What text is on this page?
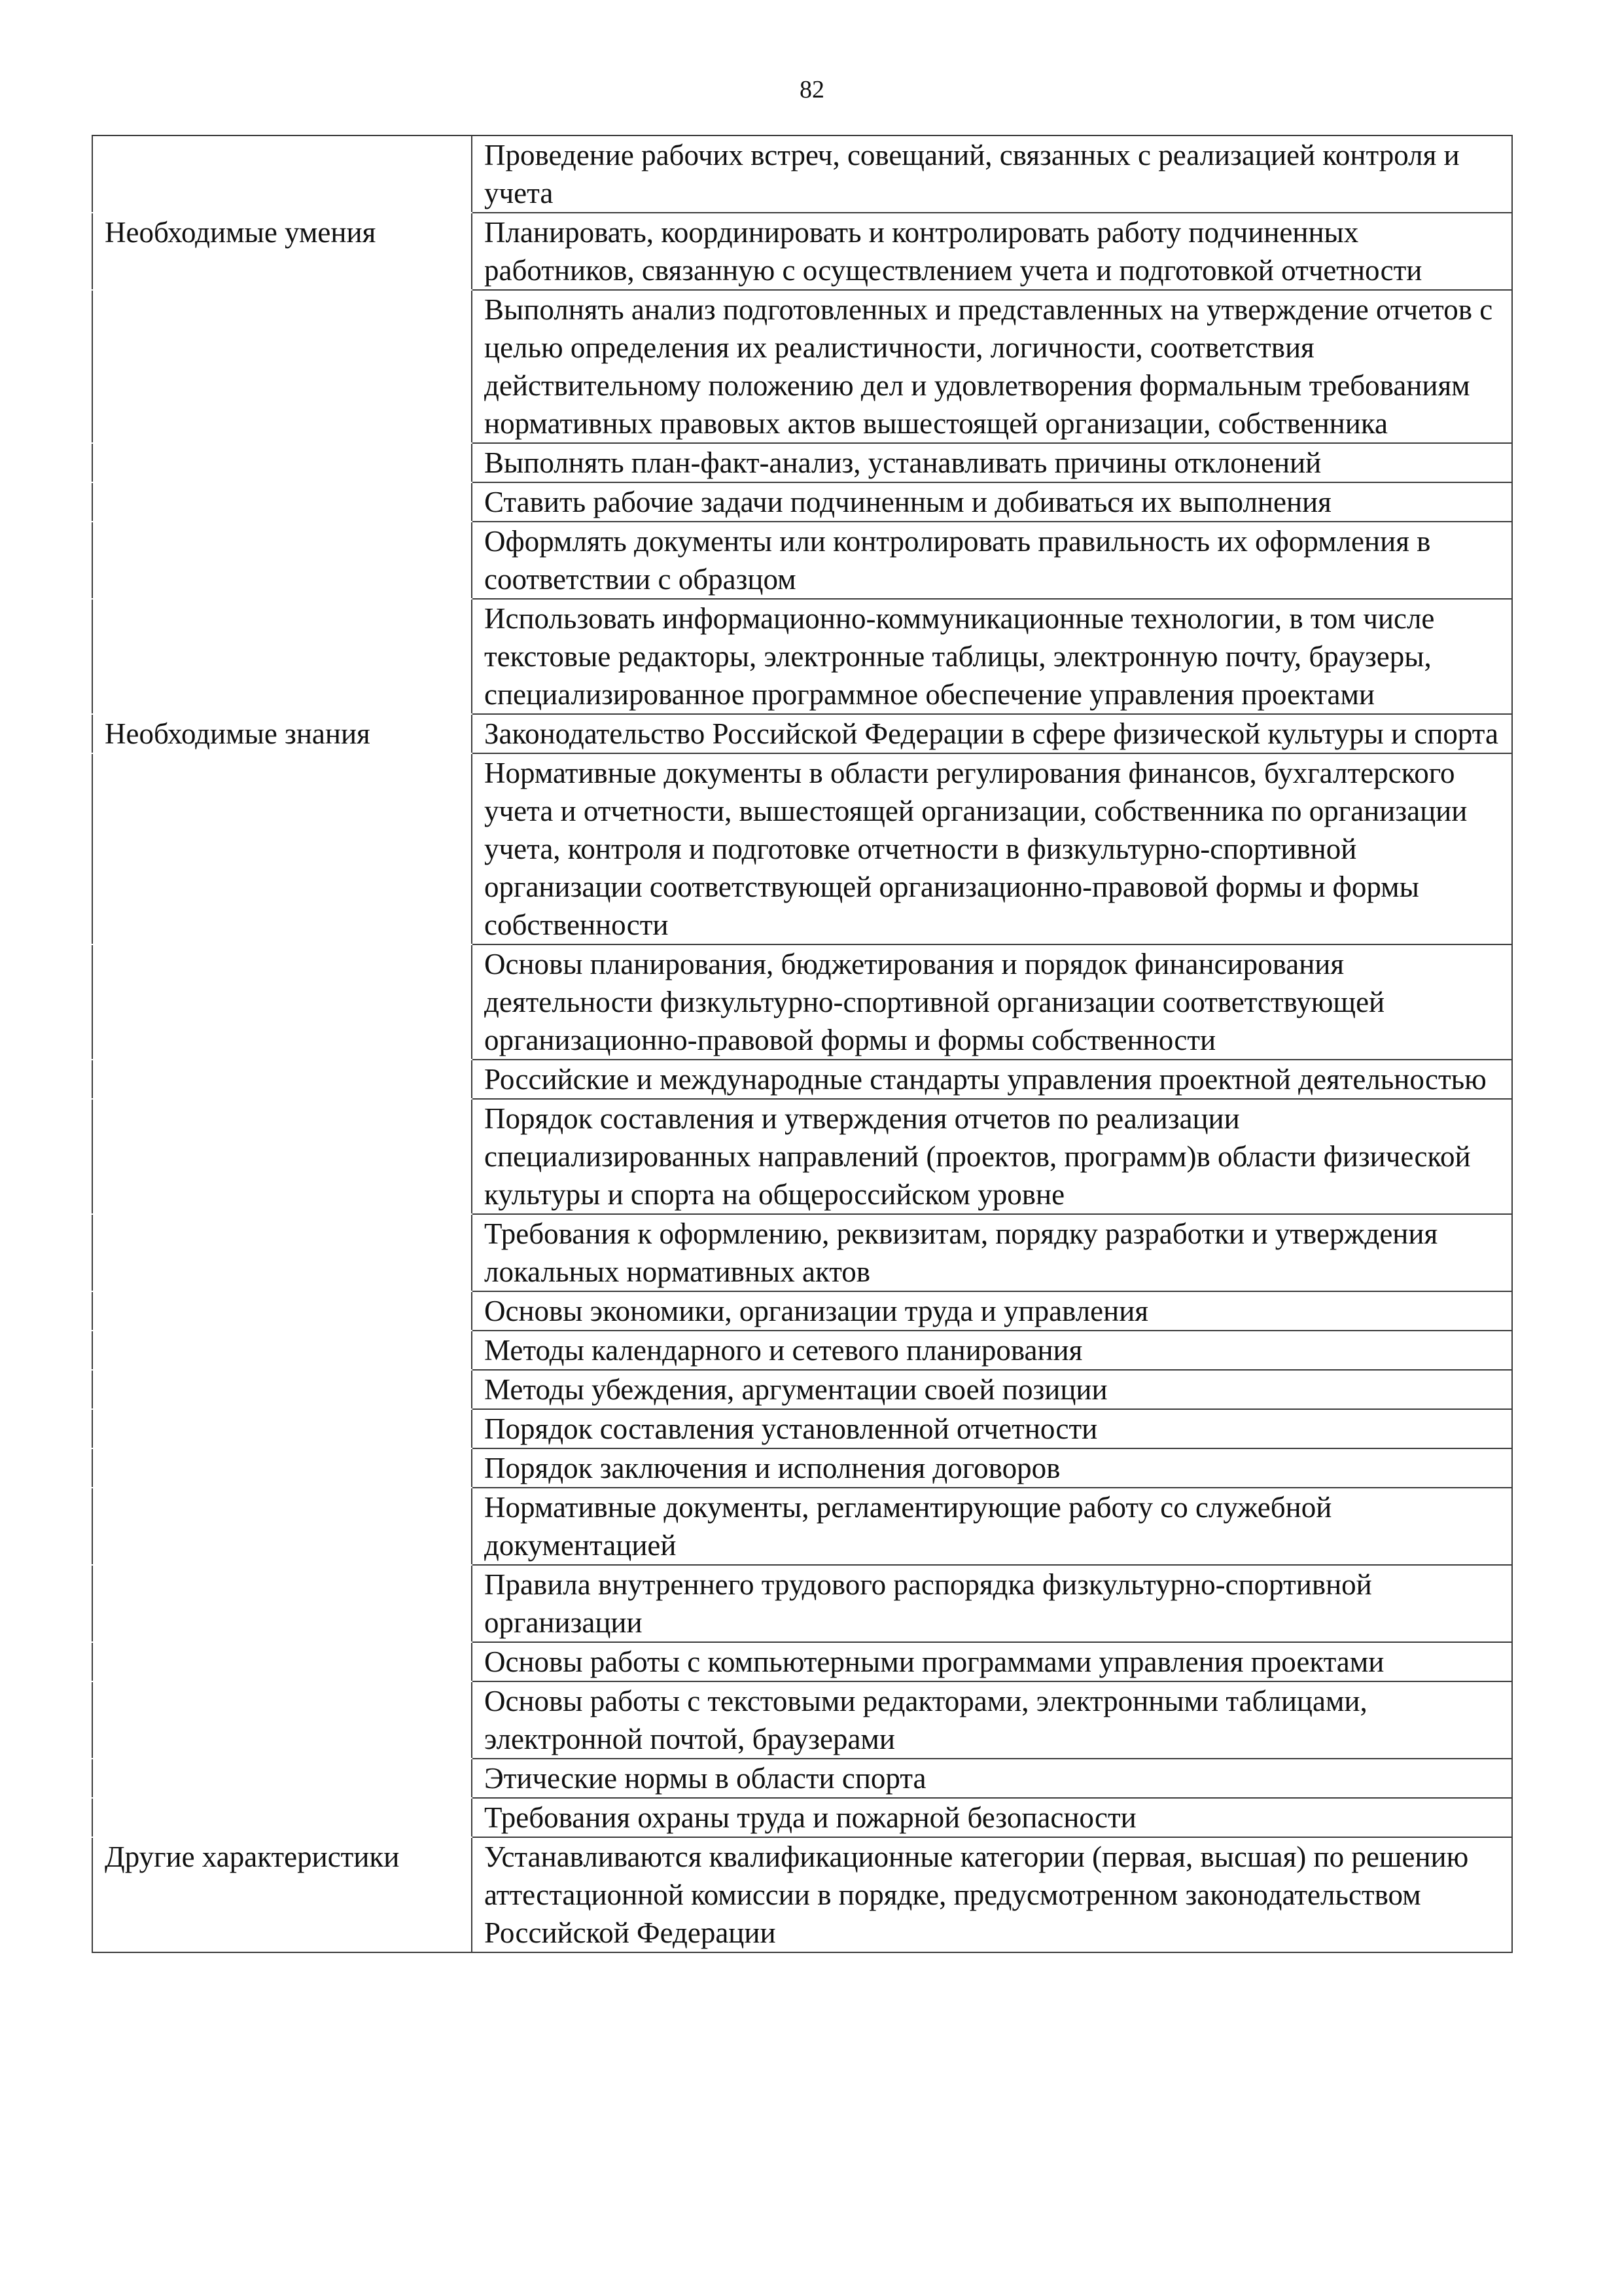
82
	Проведение рабочих встреч, совещаний, связанных с реализацией контроля и учета
Необходимые умения	Планировать, координировать и контролировать работу подчиненных работников, связанную с осуществлением учета и подготовкой отчетности
	Выполнять анализ подготовленных и представленных на утверждение отчетов с целью определения их реалистичности, логичности, соответствия действительному положению дел и удовлетворения формальным требованиям нормативных правовых актов вышестоящей организации, собственника
	Выполнять план-факт-анализ, устанавливать причины отклонений
	Ставить рабочие задачи подчиненным и добиваться их выполнения
	Оформлять документы или контролировать правильность их оформления в соответствии с образцом
	Использовать информационно-коммуникационные технологии, в том числе текстовые редакторы, электронные таблицы, электронную почту, браузеры, специализированное программное обеспечение управления проектами
Необходимые знания	Законодательство Российской Федерации в сфере физической культуры и спорта
	Нормативные документы в области регулирования финансов, бухгалтерского учета и отчетности, вышестоящей организации, собственника по организации учета, контроля и подготовке отчетности в физкультурно-спортивной организации соответствующей организационно-правовой формы и формы собственности
	Основы планирования, бюджетирования и порядок финансирования деятельности физкультурно-спортивной организации соответствующей организационно-правовой формы и формы собственности
	Российские и международные стандарты управления проектной деятельностью
	Порядок составления и утверждения отчетов по реализации специализированных направлений (проектов, программ)в области физической культуры и спорта на общероссийском уровне
	Требования к оформлению, реквизитам, порядку разработки и утверждения локальных нормативных актов
	Основы экономики, организации труда и управления
	Методы календарного и сетевого планирования
	Методы убеждения, аргументации своей позиции
	Порядок составления установленной отчетности
	Порядок заключения и исполнения договоров
	Нормативные документы, регламентирующие работу со служебной документацией
	Правила внутреннего трудового распорядка физкультурно-спортивной организации
	Основы работы с компьютерными программами управления проектами
	Основы работы с текстовыми редакторами, электронными таблицами, электронной почтой, браузерами
	Этические нормы в области спорта
	Требования охраны труда и пожарной безопасности
Другие характеристики	Устанавливаются квалификационные категории (первая, высшая) по решению аттестационной комиссии в порядке, предусмотренном законодательством Российской Федерации
